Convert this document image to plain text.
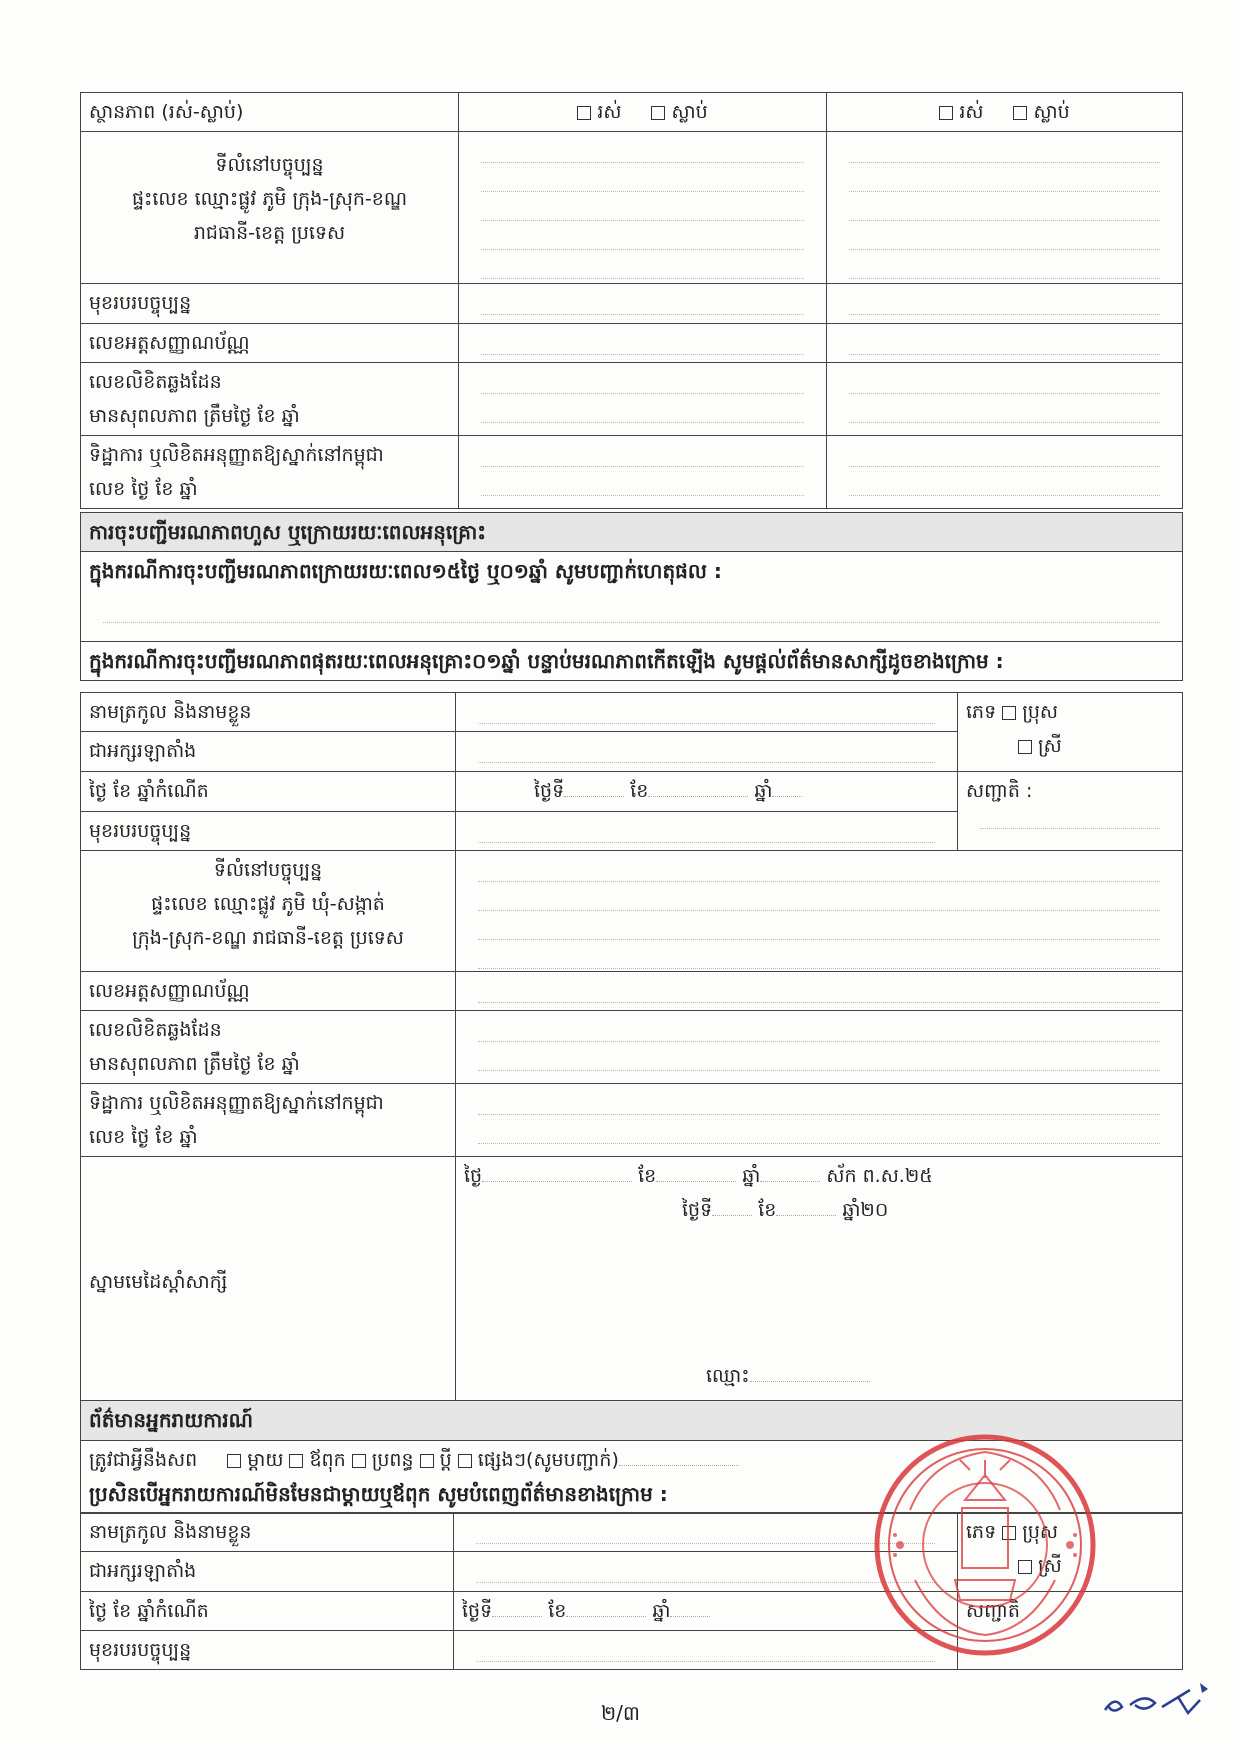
ស្ថានភាព (រស់-ស្លាប់)	រស់ ស្លាប់	រស់ ស្លាប់

ទីលំនៅបច្ចុប្បន្ន
ផ្ទះលេខ ឈ្មោះផ្លូវ ភូមិ ក្រុង-ស្រុក-ខណ្ឌ
រាជធានី-ខេត្ត ប្រទេស		

មុខរបរបច្ចុប្បន្ន	

លេខអត្តសញ្ញាណប័ណ្ណ	

លេខលិខិតឆ្លងដែន
មានសុពលភាព ត្រឹមថ្ងៃ ខែ ឆ្នាំ		

ទិដ្ឋាការ ឬលិខិតអនុញ្ញាតឱ្យស្នាក់នៅកម្ពុជា
លេខ ថ្ងៃ ខែ ឆ្នាំ		

ការចុះបញ្ជីមរណភាពហួស ឬក្រោយរយៈពេលអនុគ្រោះ

ក្នុងករណីការចុះបញ្ជីមរណភាពក្រោយរយៈពេល១៥ថ្ងៃ ឬ០១ឆ្នាំ សូមបញ្ជាក់ហេតុផល :

ក្នុងករណីការចុះបញ្ជីមរណភាពផុតរយៈពេលអនុគ្រោះ០១ឆ្នាំ បន្ទាប់មរណភាពកើតឡើង សូមផ្តល់ព័ត៌មានសាក្សីដូចខាងក្រោម :
នាមត្រកូល និងនាមខ្លួន		ភេទ ប្រុស
ស្រី

ជាអក្សរឡាតាំង		

ថ្ងៃ ខែ ឆ្នាំកំណើត	ថ្ងៃទី ខែ ឆ្នាំ	សញ្ជាតិ :

មុខរបរបច្ចុប្បន្ន		

ទីលំនៅបច្ចុប្បន្ន
ផ្ទះលេខ ឈ្មោះផ្លូវ ភូមិ ឃុំ-សង្កាត់
ក្រុង-ស្រុក-ខណ្ឌ រាជធានី-ខេត្ត ប្រទេស		

លេខអត្តសញ្ញាណប័ណ្ណ		

លេខលិខិតឆ្លងដែន
មានសុពលភាព ត្រឹមថ្ងៃ ខែ ឆ្នាំ		

ទិដ្ឋាការ ឬលិខិតអនុញ្ញាតឱ្យស្នាក់នៅកម្ពុជា
លេខ ថ្ងៃ ខែ ឆ្នាំ		

ស្នាមមេដៃស្តាំសាក្សី	ថ្ងៃ ខែ ឆ្នាំ ស័ក ព.ស.២៥
ថ្ងៃទី ខែ ឆ្នាំ២០
ឈ្មោះ	
ព័ត៌មានអ្នករាយការណ៍

ត្រូវជាអ្វីនឹងសព	ម្តាយ ឪពុក ប្រពន្ធ ប្តី ផ្សេងៗ(សូមបញ្ជាក់)
ប្រសិនបើអ្នករាយការណ៍មិនមែនជាម្តាយឬឪពុក សូមបំពេញព័ត៌មានខាងក្រោម :
នាមត្រកូល និងនាមខ្លួន		ភេទ ប្រុស
ស្រី

ជាអក្សរឡាតាំង		

ថ្ងៃ ខែ ឆ្នាំកំណើត	ថ្ងៃទី ខែ ឆ្នាំ	សញ្ជាតិ

មុខរបរបច្ចុប្បន្ន		
២/៣
